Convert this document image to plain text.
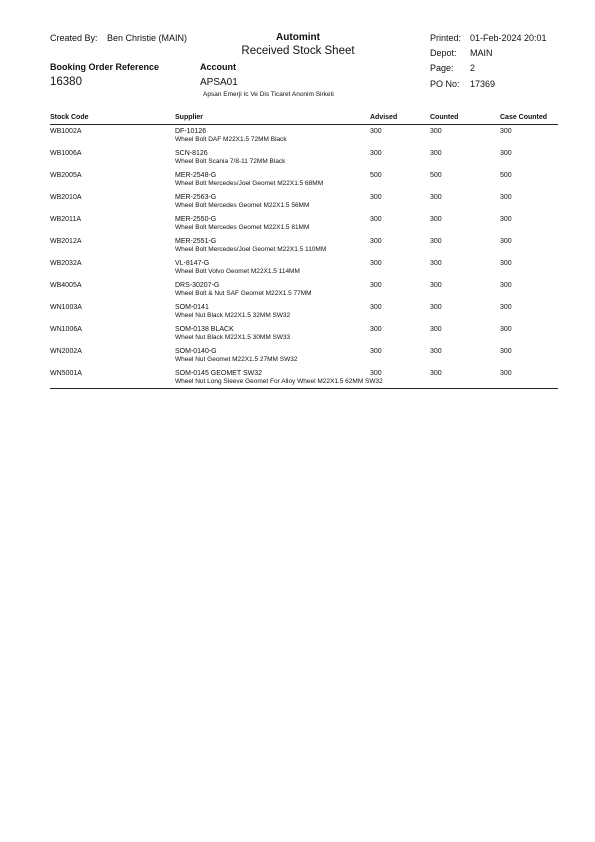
Created By: Ben Christie (MAIN)	Automint
Received Stock Sheet
Printed: 01-Feb-2024 20:01
Depot: MAIN
Page: 2
PO No: 17369
Booking Order Reference
16380
Account
APSA01
Apsan Emerji Ic Ve Dis Ticaret Anonim Sirketi
Stock Code	Supplier	Advised	Counted	Case Counted
WB1002A	DF-10126	300	300	300
Wheel Bolt DAF M22X1.5 72MM Black
WB1006A	SCN-8126	300	300	300
Wheel Bolt Scania 7/8-11 72MM Black
WB2005A	MER-2548-G	500	500	500
Wheel Bolt Mercedes/Joel Geomet M22X1.5 68MM
WB2010A	MER-2563-G	300	300	300
Wheel Bolt Mercedes Geomet M22X1.5 56MM
WB2011A	MER-2550-G	300	300	300
Wheel Bolt Mercedes Geomet M22X1.5 81MM
WB2012A	MER-2551-G	300	300	300
Wheel Bolt Mercedes/Joel Geomet M22X1.5 110MM
WB2032A	VL-8147-G	300	300	300
Wheel Bolt Volvo Geomet M22X1.5 114MM
WB4005A	DRS-30207-G	300	300	300
Wheel Bolt & Nut SAF Geomet M22X1.5 77MM
WN1003A	SOM-0141	300	300	300
Wheel Nut Black M22X1.5 32MM SW32
WN1006A	SOM-0138 BLACK	300	300	300
Wheel Nut Black M22X1.5 30MM SW33
WN2002A	SOM-0140-G	300	300	300
Wheel Nut Geomet M22X1.5 27MM SW32
WN5001A	SOM-0145 GEOMET SW32	300	300	300
Wheel Nut Long Sleeve Geomet For Alloy Wheel M22X1.5 62MM SW32
